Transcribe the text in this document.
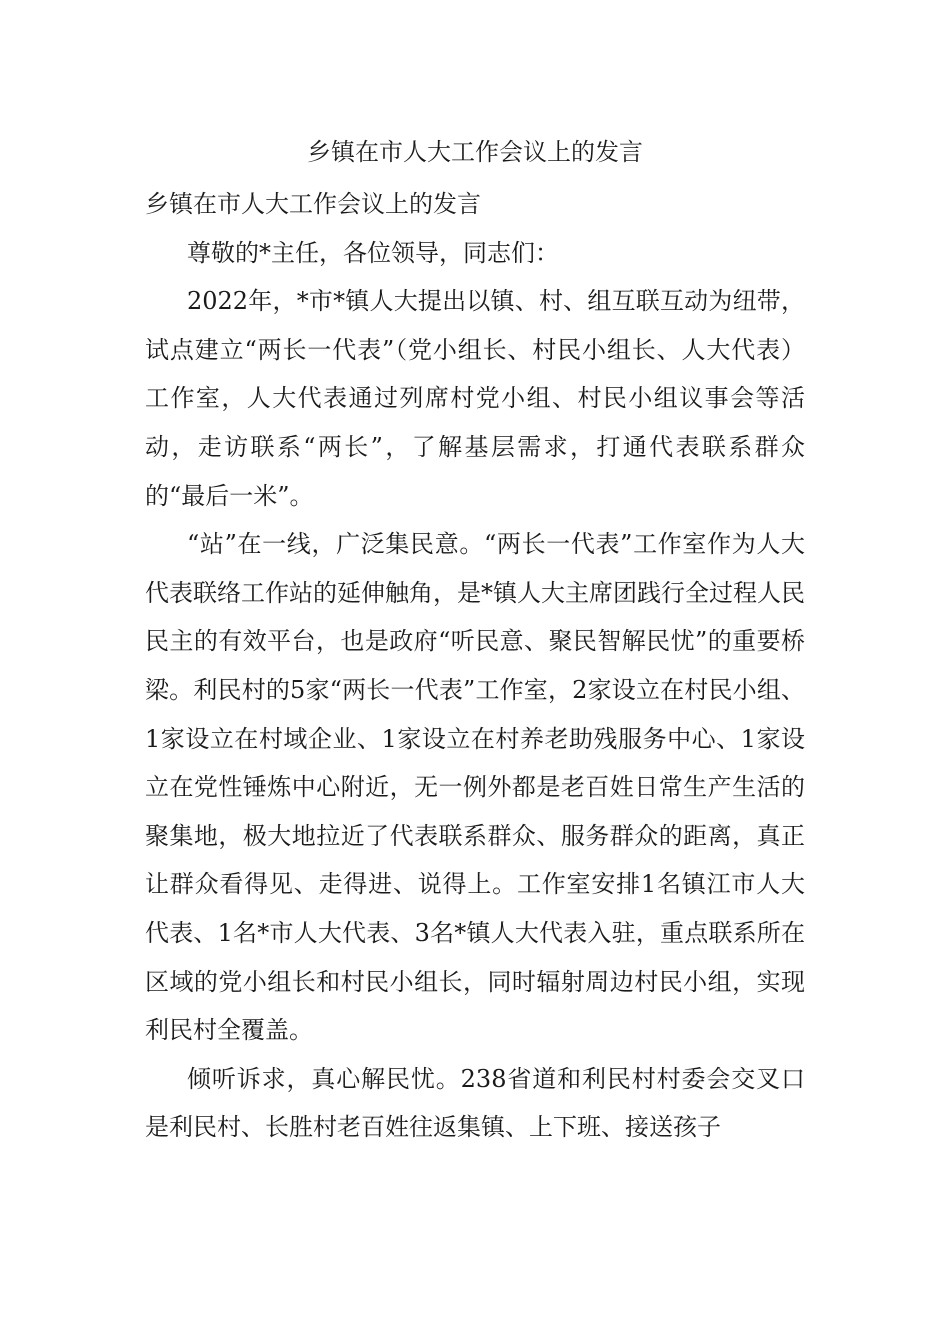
乡镇在市人大工作会议上的发言

乡镇在市人大工作会议上的发言

尊敬的*主任，各位领导，同志们：

2022年，*市*镇人大提出以镇、村、组互联互动为纽带，试点建立“两长一代表”（党小组长、村民小组长、人大代表）工作室，人大代表通过列席村党小组、村民小组议事会等活动，走访联系“两长”，了解基层需求，打通代表联系群众的“最后一米”。

“站”在一线，广泛集民意。“两长一代表”工作室作为人大代表联络工作站的延伸触角，是*镇人大主席团践行全过程人民民主的有效平台，也是政府“听民意、聚民智解民忧”的重要桥梁。利民村的5家“两长一代表”工作室，2家设立在村民小组、1家设立在村域企业、1家设立在村养老助残服务中心、1家设立在党性锤炼中心附近，无一例外都是老百姓日常生产生活的聚集地，极大地拉近了代表联系群众、服务群众的距离，真正让群众看得见、走得进、说得上。工作室安排1名镇江市人大代表、1名*市人大代表、3名*镇人大代表入驻，重点联系所在区域的党小组长和村民小组长，同时辐射周边村民小组，实现利民村全覆盖。

倾听诉求，真心解民忧。238省道和利民村村委会交叉口是利民村、长胜村老百姓往返集镇、上下班、接送孩子
